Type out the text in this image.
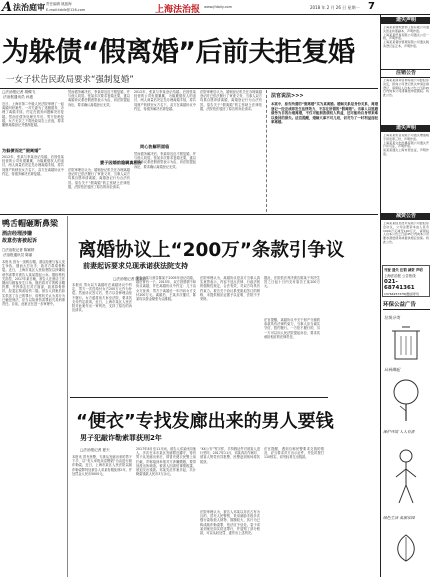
A 法治庭审 责任编辑 姚振海
E-mail:fzbfz@126.com	上海法治报 www.jfdaily.com	2018 年 2 月 26 日 星期一 7
为躲债“假离婚”后前夫拒复婚
一女子状告民政局要求“强制复婚”
□法治报记者 胡蝶飞
法治报通讯员 孙惠
近日，上海市第二中级人民法院审理了一起离婚纠纷案件。一对夫妻为了逃避债务，办理了离婚手续，约定在债务问题解决后复婚。然而在债务处理完毕后，男方拒绝复婚，女方无奈之下将民政局告上法庭，要求撤销离婚登记并强制复婚。
为躲债而定“假离婚”
2012年，张某与李某登记结婚。后因张某经营的公司负债累累，为躲避债权人的追讨，两人商量后决定先办理离婚手续，将共同财产转移至女方名下。双方在离婚协议中约定，待债务解决后即复婚。
然而债务解决后，李某却迟迟不愿复婚，并与他人同居。张某多次要求复婚无果，遂以离婚协议系虚假意思表示为由，向法院提起诉讼，要求确认离婚登记无效。
妻子因婚前隐瞒真相告
法院审理后认为，婚姻登记机关在办理离婚登记时已依法履行了审查义务，当事人双方均系自愿申请离婚，离婚登记行为合法有效。原告关于“假离婚”的主张缺乏法律依据，法院依法驳回了原告的诉讼请求。
2012年，张某与李某登记结婚。后因张某经营的公司负债累累，为躲避债权人的追讨，两人商量后决定先办理离婚手续，将共同财产转移至女方名下。双方在离婚协议中约定，待债务解决后即复婚。
同心协解所面临
然而债务解决后，李某却迟迟不愿复婚，并与他人同居。张某多次要求复婚无果，遂以离婚协议系虚假意思表示为由，向法院提起诉讼，要求确认离婚登记无效。
法院审理后认为，婚姻登记机关在办理离婚登记时已依法履行了审查义务，当事人双方均系自愿申请离婚，离婚登记行为合法有效。原告关于“假离婚”的主张缺乏法律依据，法院依法驳回了原告的诉讼请求。
法官说法>>>
本案中，原告所谓的“假离婚”实为真离婚。婚姻关系是身份关系，离婚登记一经完成即发生法律效力，不存在所谓的“假离婚”。当事人以逃避债务为目的办理离婚，不仅可能损害债权人利益，还可能给自身带来难以挽回的损失。法官提醒，婚姻大事不可儿戏，切勿为了一时利益而轻率离婚。
鸭舌帽砸断鼻梁
酒店经理涉嫌
故意伤害被起诉
□法治报记者 陈颖婷
法治报通讯员 陈丽
本报讯 因为一顶鸭舌帽，酒店经理与客人发生争执，继而大打出手，致对方鼻梁骨断裂。近日，上海市某区人民检察院以涉嫌故意伤害罪对被告人某某提起公诉。据检察机关指控，2017年某日晚，被告人在酒店工作期间与顾客发生口角，随后将对方的鸭舌帽扔掷，并挥拳击打对方面部，致其鼻骨骨折，经鉴定构成轻伤二级。被告人到案后如实供述了自己的罪行，检察机关认为其行为已触犯刑法，应当以故意伤害罪追究其刑事责任。目前，此案正在进一步审理中。
离婚协议上“200万”条款引争议
前妻起诉要求兑现承诺获法院支持
□法治报记者 陈颖婷
本报讯 男女双方离婚时在离婚协议中约定，男方一次性给付女方200万元作为补偿。然而协议签订后，男方以各种理由拒不履行。女方遂将前夫诉至法院，要求其支付约定款项。近日，上海市某区人民法院对此案作出一审判决，支持了原告的诉讼请求。
原告王某与被告陈某于2005年登记结婚，婚后育有一子。2015年，双方因感情不和协议离婚，并在离婚协议中约定：儿子由女方抚养，男方于离婚后一年内向女方支付200万元。离婚后，王某多次催讨，陈某均以资金紧张为由推脱。
法院审理认为，离婚协议是双方当事人真实意思表示，内容不违反法律、行政法规的强制性规定，合法有效，对双方均具有约束力。被告关于协议系受胁迫签订的辩称，未提供相应证据予以证明，法院不予采纳。
据此，法院依法判决被告陈某于判决生效之日起十日内支付原告王某200万元。
法官提醒，离婚协议中关于财产分割的条款具有法律约束力，当事人应当诚实守信，按约履行。一方拒不履行的，另一方可以向人民法院提起诉讼，要求其承担相应的法律责任。
“便衣”专找发廊出来的男人要钱
男子犯敲诈勒索罪获刑2年
□法治报记者 夏天
本报讯 冒充民警，专挑从发廊出来的男子下手，以“有人举报卖淫嫖娼”为由进行敲诈勒索。近日，上海市某区人民法院以敲诈勒索罪判处被告人邓某有期徒刑2年，并处罚金人民币5000元。
2017年8月至11月间，被告人邓某伙同他人，多次在本市某区发廊附近蹲守，待有男子从发廊出来后，即冒充便衣民警上前拦截，声称接到举报对方涉嫌嫖娼，要带回派出所调查。被害人因害怕事情败露，被迫交出钱款。邓某先后作案多起，共计勒索钱款人民币3万余元。
“XX公安”等字样，手持假证件对被害人进行恐吓。2017年11月，邓某再次作案时，被害人察觉有异报警，民警赶到现场将其抓获。
法院审理认为，被告人邓某以非法占有为目的，冒充人民警察，采用威胁手段多次强行索取他人财物，数额较大，其行为已构成敲诈勒索罪，依法应予惩处。鉴于邓某到案后如实供述罪行，并退赔了部分赃款，可以从轻处罚，遂作出上述判决。
法官提醒，遇到自称民警要求交钱的情况，应当要求对方出示证件，并及时拨打110核实，切勿轻易交出钱款。
遗失声明
上海某某建筑装饰工程有限公司遗失营业执照副本，声明作废。
上海某某贸易有限公司遗失公章一枚，声明作废。
上海某某餐饮管理有限公司遗失税务登记证正本，声明作废。
注销公告
上海某某商务咨询有限公司经股东决定，拟向公司登记机关申请注销登记，请债权人自本公告之日起45日内向本公司清算组申报债权。特此公告。
遗失声明
上海某某实业有限公司遗失增值税专用发票三份，声明作废。
上海某某文化传播有限公司遗失开户许可证，声明作废。
某某某遗失上海市居住证，声明作废。
减资公告
上海某某信息技术有限公司经股东会决议，公司注册资本由人民币1000万元减至100万元，请债权人自本公告之日起45日内向本公司要求清偿债务或提供相应担保。特此公告。
刊登 遗失 注销 减资 声明
上海法治报 公告热线
021-68741361
13764257378(微信同号)
环保公益广告
垃圾分类
从我做起
保护环境 人人有责
绿色生活 美丽家园
